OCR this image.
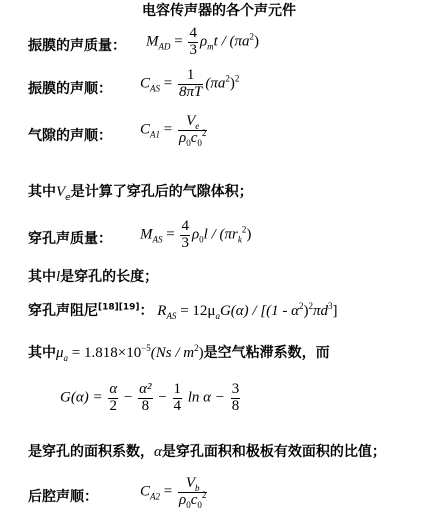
电容传声器的各个声元件
振膜的声质量： $M_{AD} = \frac{4}{3} \rho_mt / (\pi a^2)$
振膜的声顺： $C_{AS} = \frac{1}{8\pi T} (\pi a^2)^2$
气隙的声顺： $C_{A1} = \frac{V_e}{\rho_0c_0^2}$
其中$V_e$是计算了穿孔后的气隙体积；
穿孔声质量： $M_{AS} = \frac{4}{3} \rho_0l / (\pi r_k^2)$
其中l是穿孔的长度；
穿孔声阻尼[18][19]： $R_{AS} = 12\mu_aG(\alpha) / [(1 - \alpha^2)^2\pi d^3]$
其中$\mu_a = 1.818\times 10^{-5}(Ns / m^2)$是空气粘滞系数，而
$G(\alpha) = \frac{\alpha}{2} - \frac{\text{α²}}{8} - \frac{1}{4}$ $\ln \alpha - \frac{3}{8}$
是穿孔的面积系数，α是穿孔面积和极板有效面积的比值；
后腔声顺：	$C_{A2} = \frac{V_b}{\rho_0c_0^2}$
